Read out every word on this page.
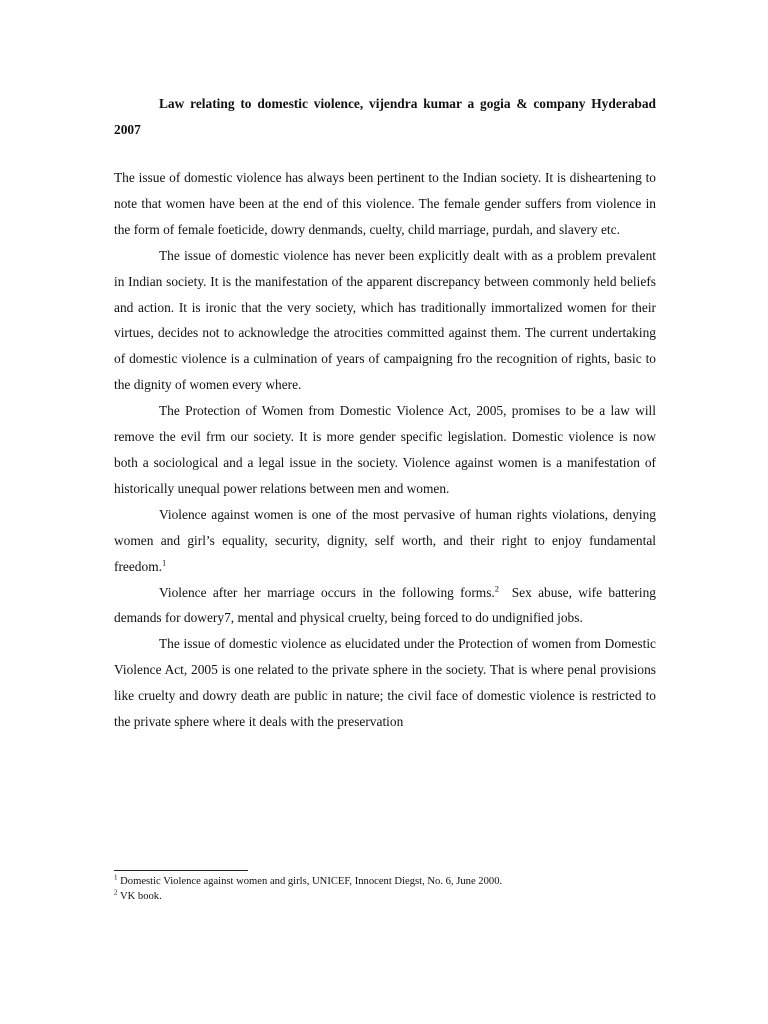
Law relating to domestic violence, vijendra kumar a gogia & company Hyderabad 2007

The issue of domestic violence has always been pertinent to the Indian society. It is disheartening to note that women have been at the end of this violence. The female gender suffers from violence in the form of female foeticide, dowry denmands, cuelty, child marriage, purdah, and slavery etc.

The issue of domestic violence has never been explicitly dealt with as a problem prevalent in Indian society. It is the manifestation of the apparent discrepancy between commonly held beliefs and action. It is ironic that the very society, which has traditionally immortalized women for their virtues, decides not to acknowledge the atrocities committed against them. The current undertaking of domestic violence is a culmination of years of campaigning fro the recognition of rights, basic to the dignity of women every where.

The Protection of Women from Domestic Violence Act, 2005, promises to be a law will remove the evil frm our society. It is more gender specific legislation. Domestic violence is now both a sociological and a legal issue in the society. Violence against women is a manifestation of historically unequal power relations between men and women.

Violence against women is one of the most pervasive of human rights violations, denying women and girl’s equality, security, dignity, self worth, and their right to enjoy fundamental freedom.$^1$

Violence after her marriage occurs in the following forms.$^2$  Sex abuse, wife battering demands for dowery7, mental and physical cruelty, being forced to do undignified jobs.

The issue of domestic violence as elucidated under the Protection of women from Domestic Violence Act, 2005 is one related to the private sphere in the society. That is where penal provisions like cruelty and dowry death are public in nature; the civil face of domestic violence is restricted to the private sphere where it deals with the preservation

$^1$ Domestic Violence against women and girls, UNICEF, Innocent Diegst, No. 6, June 2000.

$^2$ VK book.
